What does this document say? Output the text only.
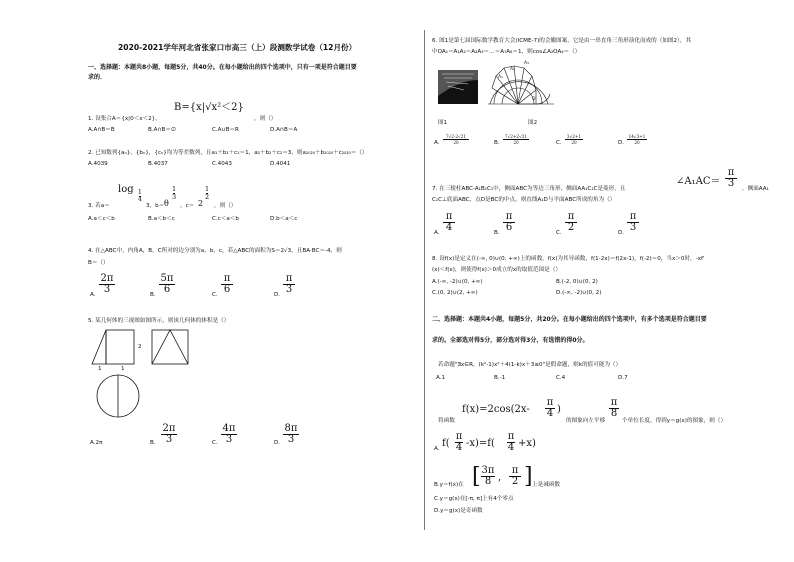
2020-2021学年河北省张家口市高三（上）段测数学试卷（12月份）
一、选择题：本题共8小题，每题5分，共40分。在每小题给出的四个选项中，只有一项是符合题目要
求的．
1. 设集合A＝{x|0＜x＜2}，
B={x|√x²＜2}
，则（）
A.A∩B＝B	B.A∩B＝∅	C.A∪B＝R	D.A∩B＝A
2. 已知数列{aₙ}，{bₙ}，{cₙ}均为等差数列，且a₁＋b₁＋c₁＝1，a₂＋b₂＋c₂＝3，则a₂₀₂₀＋b₂₀₂₀＋c₂₀₂₀＝（）
A.4039	B.4037	C.4043	D.4041
3. 若a＝
log 1
4
3，b＝ θ
1
3
，c＝ 2
1
2
，则（）
A.a＜c＜b	B.a＜b＜c	C.c＜a＜b	D.b＜a＜c
4. 在△ABC中，内角A，B，C所对的边分别为a，b，c，若△ABC的面积为S＝2√3，且BA·BC＝-4，则
B＝（）
A.
2π
3	B.
5π
6	C.
π
6	D.
π
3
5. 某几何体的三视图如图所示，则该几何体的体积是（）
2
1	1
A.2π	B.
2π
3	C.
4π
3	D.
8π
3
6. 图1是第七届国际数学教育大会(ICME-7)的会徽图案，它是由一串直角三角形演化而成的（如图2），其
中OA₁＝A₁A₂＝A₂A₃＝…＝A₇A₈＝1，则cos∠A₂OA₄＝（）
A₁
A₂
A₃
O
图1	图2
A.
7√2-2√21
20	B.
7√2+2√21
20	C.
3√2+1
20	D.
14√3+1
20
7. 在三棱柱ABC-A₁B₁C₁中，侧面ABC为等边三角形，侧面AA₁C₁C是菱形，且
∠A₁AC＝
π
3	，侧面AA₁
C₁C⊥底面ABC，点D是BC的中点，则直线A₁D与平面ABC所成的角为（）
A.
π
4	B.
π
6	C.
π
2	D.
π
3
8. 设f(x)是定义在(-∞, 0)∪(0, +∞)上的函数，f(x)为其导函数，f(1-2x)＝f(2x-1)，f(-2)＝0，当x＞0时，-xf'
(x)＜f(x)，则使得f(x)＞0成立的x的取值范围是（）
A.(-∞, -2)∪(0, +∞)	B.(-2, 0)∪(0, 2)
C.(0, 2)∪(2, +∞)	D.(-∞, -2)∪(0, 2)
二、选择题：本题共4小题，每题5分，共20分。在每小题给出的四个选项中，有多个选项是符合题目要
求的。全部选对得5分，部分选对得3分，有选错的得0分。
若命题"∃x∈R，(k²-1)x²＋4(1-k)x＋3≤0"是假命题，则k的值可能为（）
A.1	B.-1	C.4	D.7
将函数
f(x)=2cos(2x-
π
4 )
的图象向左平移
π
8
个单位长度，得到y＝g(x)的图象，则（）
A. f(
π
4 -x)=f(
π
4 +x)
B.y＝f(x)在 [ 3π
8 ,
π
2 ] 上是减函数
C.y＝g(x)在[-π, π]上有4个零点
D.y＝g(x)是奇函数
